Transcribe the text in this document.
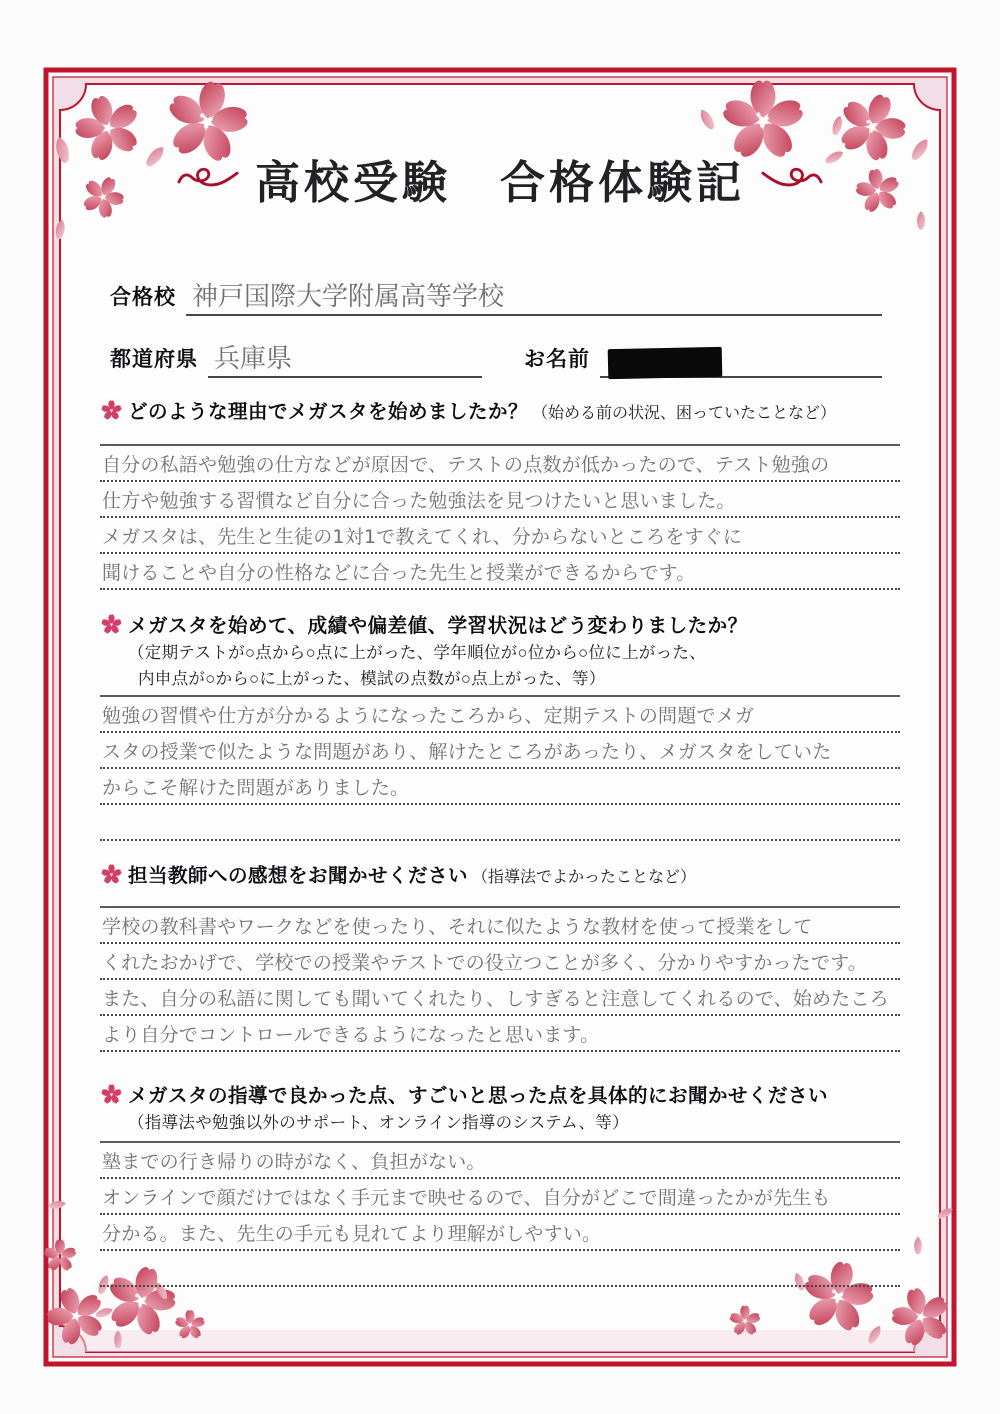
高校受験　合格体験記
合格校 神戸国際大学附属高等学校
都道府県 兵庫県	お名前
どのような理由でメガスタを始めましたか？ （始める前の状況、困っていたことなど）
自分の私語や勉強の仕方などが原因で、テストの点数が低かったので、テスト勉強の
仕方や勉強する習慣など自分に合った勉強法を見つけたいと思いました。
メガスタは、先生と生徒の1対1で教えてくれ、分からないところをすぐに
聞けることや自分の性格などに合った先生と授業ができるからです。
メガスタを始めて、成績や偏差値、学習状況はどう変わりましたか？
（定期テストが○点から○点に上がった、学年順位が○位から○位に上がった、
内申点が○から○に上がった、模試の点数が○点上がった、等）
勉強の習慣や仕方が分かるようになったころから、定期テストの問題でメガ
スタの授業で似たような問題があり、解けたところがあったり、メガスタをしていた
からこそ解けた問題がありました。
担当教師への感想をお聞かせください （指導法でよかったことなど）
学校の教科書やワークなどを使ったり、それに似たような教材を使って授業をして
くれたおかげで、学校での授業やテストでの役立つことが多く、分かりやすかったです。
また、自分の私語に関しても聞いてくれたり、しすぎると注意してくれるので、始めたころ
より自分でコントロールできるようになったと思います。
メガスタの指導で良かった点、すごいと思った点を具体的にお聞かせください
（指導法や勉強以外のサポート、オンライン指導のシステム、等）
塾までの行き帰りの時がなく、負担がない。
オンラインで顔だけではなく手元まで映せるので、自分がどこで間違ったかが先生も
分かる。また、先生の手元も見れてより理解がしやすい。
